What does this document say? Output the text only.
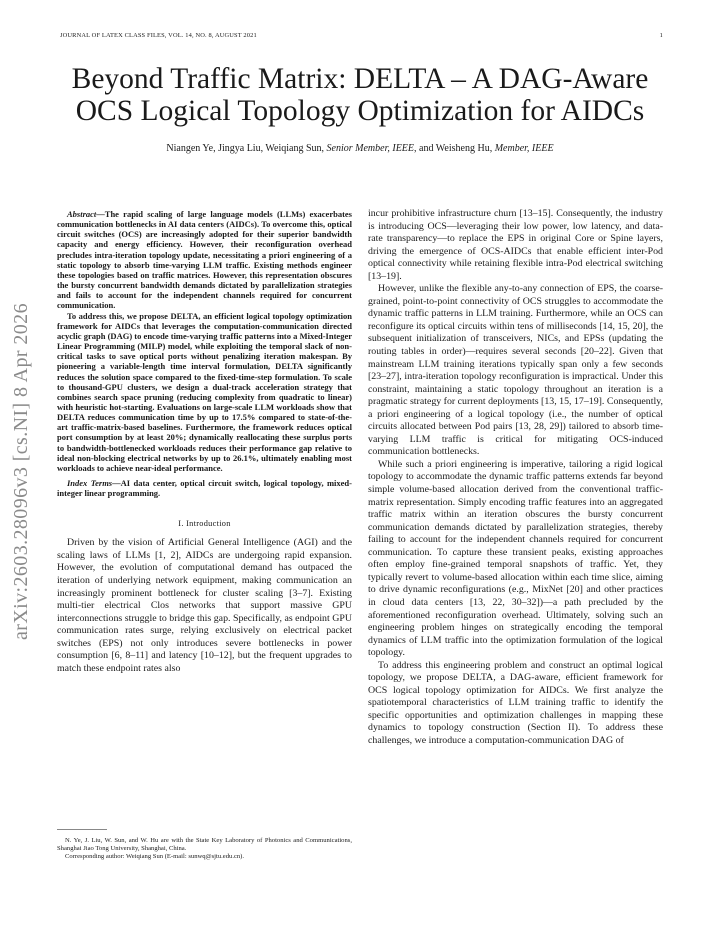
JOURNAL OF LATEX CLASS FILES, VOL. 14, NO. 8, AUGUST 2021	1
arXiv:2603.28096v3 [cs.NI] 8 Apr 2026
Beyond Traffic Matrix: DELTA – A DAG-Aware OCS Logical Topology Optimization for AIDCs
Niangen Ye, Jingya Liu, Weiqiang Sun, Senior Member, IEEE, and Weisheng Hu, Member, IEEE

Abstract—The rapid scaling of large language models (LLMs) exacerbates communication bottlenecks in AI data centers (AIDCs). To overcome this, optical circuit switches (OCS) are increasingly adopted for their superior bandwidth capacity and energy efficiency. However, their reconfiguration overhead precludes intra-iteration topology update, necessitating a priori engineering of a static topology to absorb time-varying LLM traffic. Existing methods engineer these topologies based on traffic matrices. However, this representation obscures the bursty concurrent bandwidth demands dictated by parallelization strategies and fails to account for the independent channels required for concurrent communication.

To address this, we propose DELTA, an efficient logical topology optimization framework for AIDCs that leverages the computation-communication directed acyclic graph (DAG) to encode time-varying traffic patterns into a Mixed-Integer Linear Programming (MILP) model, while exploiting the temporal slack of non-critical tasks to save optical ports without penalizing iteration makespan. By pioneering a variable-length time interval formulation, DELTA significantly reduces the solution space compared to the fixed-time-step formulation. To scale to thousand-GPU clusters, we design a dual-track acceleration strategy that combines search space pruning (reducing complexity from quadratic to linear) with heuristic hot-starting. Evaluations on large-scale LLM workloads show that DELTA reduces communication time by up to 17.5% compared to state-of-the-art traffic-matrix-based baselines. Furthermore, the framework reduces optical port consumption by at least 20%; dynamically reallocating these surplus ports to bandwidth-bottlenecked workloads reduces their performance gap relative to ideal non-blocking electrical networks by up to 26.1%, ultimately enabling most workloads to achieve near-ideal performance.

Index Terms—AI data center, optical circuit switch, logical topology, mixed-integer linear programming.
I. Introduction

Driven by the vision of Artificial General Intelligence (AGI) and the scaling laws of LLMs [1, 2], AIDCs are undergoing rapid expansion. However, the evolution of computational demand has outpaced the iteration of underlying network equipment, making communication an increasingly prominent bottleneck for cluster scaling [3–7]. Existing multi-tier electrical Clos networks that support massive GPU interconnections struggle to bridge this gap. Specifically, as endpoint GPU communication rates surge, relying exclusively on electrical packet switches (EPS) not only introduces severe bottlenecks in power consumption [6, 8–11] and latency [10–12], but the frequent upgrades to match these endpoint rates also

N. Ye, J. Liu, W. Sun, and W. Hu are with the State Key Laboratory of Photonics and Communications, Shanghai Jiao Tong University, Shanghai, China.

Corresponding author: Weiqiang Sun (E-mail: sunwq@sjtu.edu.cn).

incur prohibitive infrastructure churn [13–15]. Consequently, the industry is introducing OCS—leveraging their low power, low latency, and data-rate transparency—to replace the EPS in original Core or Spine layers, driving the emergence of OCS-AIDCs that enable efficient inter-Pod optical connectivity while retaining flexible intra-Pod electrical switching [13–19].

However, unlike the flexible any-to-any connection of EPS, the coarse-grained, point-to-point connectivity of OCS struggles to accommodate the dynamic traffic patterns in LLM training. Furthermore, while an OCS can reconfigure its optical circuits within tens of milliseconds [14, 15, 20], the subsequent initialization of transceivers, NICs, and EPSs (updating the routing tables in order)—requires several seconds [20–22]. Given that mainstream LLM training iterations typically span only a few seconds [23–27], intra-iteration topology reconfiguration is impractical. Under this constraint, maintaining a static topology throughout an iteration is a pragmatic strategy for current deployments [13, 15, 17–19]. Consequently, a priori engineering of a logical topology (i.e., the number of optical circuits allocated between Pod pairs [13, 28, 29]) tailored to absorb time-varying LLM traffic is critical for mitigating OCS-induced communication bottlenecks.

While such a priori engineering is imperative, tailoring a rigid logical topology to accommodate the dynamic traffic patterns extends far beyond simple volume-based allocation derived from the conventional traffic-matrix representation. Simply encoding traffic features into an aggregated traffic matrix within an iteration obscures the bursty concurrent communication demands dictated by parallelization strategies, thereby failing to account for the independent channels required for concurrent communication. To capture these transient peaks, existing approaches often employ fine-grained temporal snapshots of traffic. Yet, they typically revert to volume-based allocation within each time slice, aiming to drive dynamic reconfigurations (e.g., MixNet [20] and other practices in cloud data centers [13, 22, 30–32])—a path precluded by the aforementioned reconfiguration overhead. Ultimately, solving such an engineering problem hinges on strategically encoding the temporal dynamics of LLM traffic into the optimization formulation of the logical topology.

To address this engineering problem and construct an optimal logical topology, we propose DELTA, a DAG-aware, efficient framework for OCS logical topology optimization for AIDCs. We first analyze the spatiotemporal characteristics of LLM training traffic to identify the specific opportunities and optimization challenges in mapping these dynamics to topology construction (Section II). To address these challenges, we introduce a computation-communication DAG of
